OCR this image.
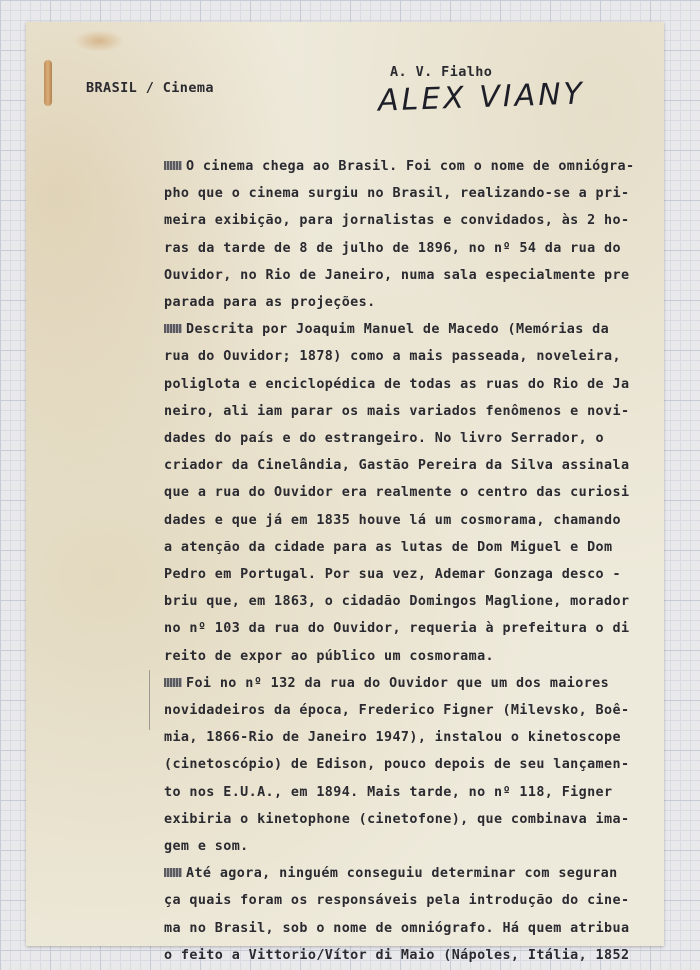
BRASIL / Cinema
A. V. Fialho
ALEX VIANY
O cinema chega ao Brasil. Foi com o nome de omniógra-
pho que o cinema surgiu no Brasil, realizando-se a pri-
meira exibição, para jornalistas e convidados, às 2 ho-
ras da tarde de 8 de julho de 1896, no nº 54 da rua do
Ouvidor, no Rio de Janeiro, numa sala especialmente pre
parada para as projeções.
Descrita por Joaquim Manuel de Macedo (Memórias da
rua do Ouvidor; 1878) como a mais passeada, noveleira,
poliglota e enciclopédica de todas as ruas do Rio de Ja
neiro, ali iam parar os mais variados fenômenos e novi-
dades do país e do estrangeiro. No livro Serrador, o
criador da Cinelândia, Gastão Pereira da Silva assinala
que a rua do Ouvidor era realmente o centro das curiosi
dades e que já em 1835 houve lá um cosmorama, chamando
a atenção da cidade para as lutas de Dom Miguel e Dom
Pedro em Portugal. Por sua vez, Ademar Gonzaga desco -
briu que, em 1863, o cidadão Domingos Maglione, morador
no nº 103 da rua do Ouvidor, requeria à prefeitura o di
reito de expor ao público um cosmorama.
Foi no nº 132 da rua do Ouvidor que um dos maiores
novidadeiros da época, Frederico Figner (Milevsko, Boê-
mia, 1866-Rio de Janeiro 1947), instalou o kinetoscope
(cinetoscópio) de Edison, pouco depois de seu lançamen-
to nos E.U.A., em 1894. Mais tarde, no nº 118, Figner
exibiria o kinetophone (cinetofone), que combinava ima-
gem e som.
Até agora, ninguém conseguiu determinar com seguran
ça quais foram os responsáveis pela introdução do cine-
ma no Brasil, sob o nome de omniógrafo. Há quem atribua
o feito a Vittorio/Vítor di Maio (Nápoles, Itália, 1852
